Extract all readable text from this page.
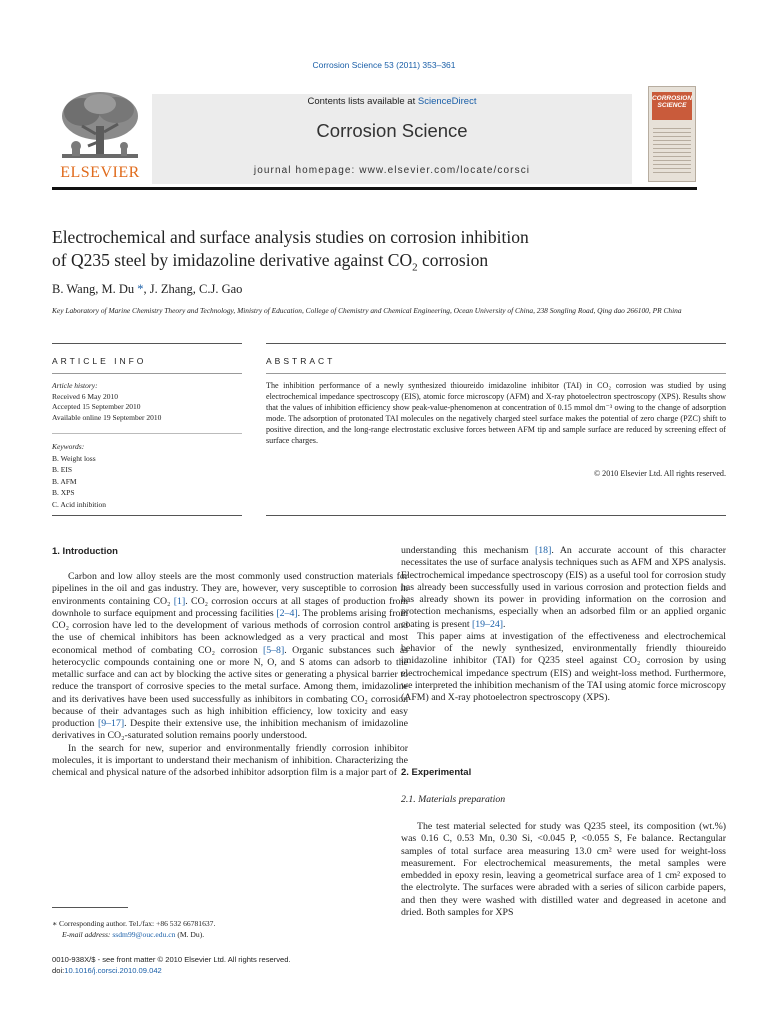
Corrosion Science 53 (2011) 353–361
ELSEVIER
Contents lists available at ScienceDirect
Corrosion Science
journal homepage: www.elsevier.com/locate/corsci
CORROSION SCIENCE
Electrochemical and surface analysis studies on corrosion inhibition
of Q235 steel by imidazoline derivative against $CO_2$ corrosion
B. Wang, M. Du *, J. Zhang, C.J. Gao
Key Laboratory of Marine Chemistry Theory and Technology, Ministry of Education, College of Chemistry and Chemical Engineering, Ocean University of China, 238 Songling Road, Qing dao 266100, PR China
ARTICLE INFO	ABSTRACT
Article history:
Received 6 May 2010
Accepted 15 September 2010
Available online 19 September 2010
Keywords:
B. Weight loss
B. EIS
B. AFM
B. XPS
C. Acid inhibition
The inhibition performance of a newly synthesized thioureido imidazoline inhibitor (TAI) in CO₂ corrosion was studied by using electrochemical impedance spectroscopy (EIS), atomic force microscopy (AFM) and X-ray photoelectron spectroscopy (XPS). Results show that the values of inhibition efficiency show peak-value-phenomenon at concentration of 0.15 mmol dm⁻³ owing to the change of adsorption mode. The adsorption of protonated TAI molecules on the negatively charged steel surface makes the potential of zero charge (PZC) shift to positive direction, and the long-range electrostatic exclusive forces between AFM tip and sample surface are reduced by screening effect of surface charges.
© 2010 Elsevier Ltd. All rights reserved.
1. Introduction

Carbon and low alloy steels are the most commonly used construction materials for pipelines in the oil and gas industry. They are, however, very susceptible to corrosion in environments containing CO₂ [1]. CO₂ corrosion occurs at all stages of production from downhole to surface equipment and processing facilities [2–4]. The problems arising from CO₂ corrosion have led to the development of various methods of corrosion control and the use of chemical inhibitors has been acknowledged as a very practical and most economical method of combating CO₂ corrosion [5–8]. Organic substances such as heterocyclic compounds containing one or more N, O, and S atoms can adsorb to the metallic surface and can act by blocking the active sites or generating a physical barrier to reduce the transport of corrosive species to the metal surface. Among them, imidazoline and its derivatives have been used successfully as inhibitors in combating CO₂ corrosion because of their advantages such as high inhibition efficiency, low toxicity and easy production [9–17]. Despite their extensive use, the inhibition mechanism of imidazoline derivatives in CO₂-saturated solution remains poorly understood.

In the search for new, superior and environmentally friendly corrosion inhibitor molecules, it is important to understand their mechanism of inhibition. Characterizing the chemical and physical nature of the adsorbed inhibitor adsorption film is a major part of

understanding this mechanism [18]. An accurate account of this character necessitates the use of surface analysis techniques such as AFM and XPS analysis. Electrochemical impedance spectroscopy (EIS) as a useful tool for corrosion study has already been successfully used in various corrosion and protection fields and has already shown its power in providing information on the corrosion and protection mechanisms, especially when an adsorbed film or an applied organic coating is present [19–24].

This paper aims at investigation of the effectiveness and electrochemical behavior of the newly synthesized, environmentally friendly thioureido imidazoline inhibitor (TAI) for Q235 steel against CO₂ corrosion by using electrochemical impedance spectrum (EIS) and weight-loss method. Furthermore, we interpreted the inhibition mechanism of the TAI using atomic force microscopy (AFM) and X-ray photoelectron spectroscopy (XPS).

2. Experimental
2.1. Materials preparation

The test material selected for study was Q235 steel, its composition (wt.%) was 0.16 C, 0.53 Mn, 0.30 Si, <0.045 P, <0.055 S, Fe balance. Rectangular samples of total surface area measuring 13.0 cm² were used for weight-loss measurement. For electrochemical measurements, the metal samples were embedded in epoxy resin, leaving a geometrical surface area of 1 cm² exposed to the electrolyte. The surfaces were abraded with a series of silicon carbide papers, and then they were washed with distilled water and degreased in acetone and dried. Both samples for XPS

∗ Corresponding author. Tel./fax: +86 532 66781637.
E-mail address: ssdm99@ouc.edu.cn (M. Du).
0010-938X/$ - see front matter © 2010 Elsevier Ltd. All rights reserved.
doi:10.1016/j.corsci.2010.09.042
